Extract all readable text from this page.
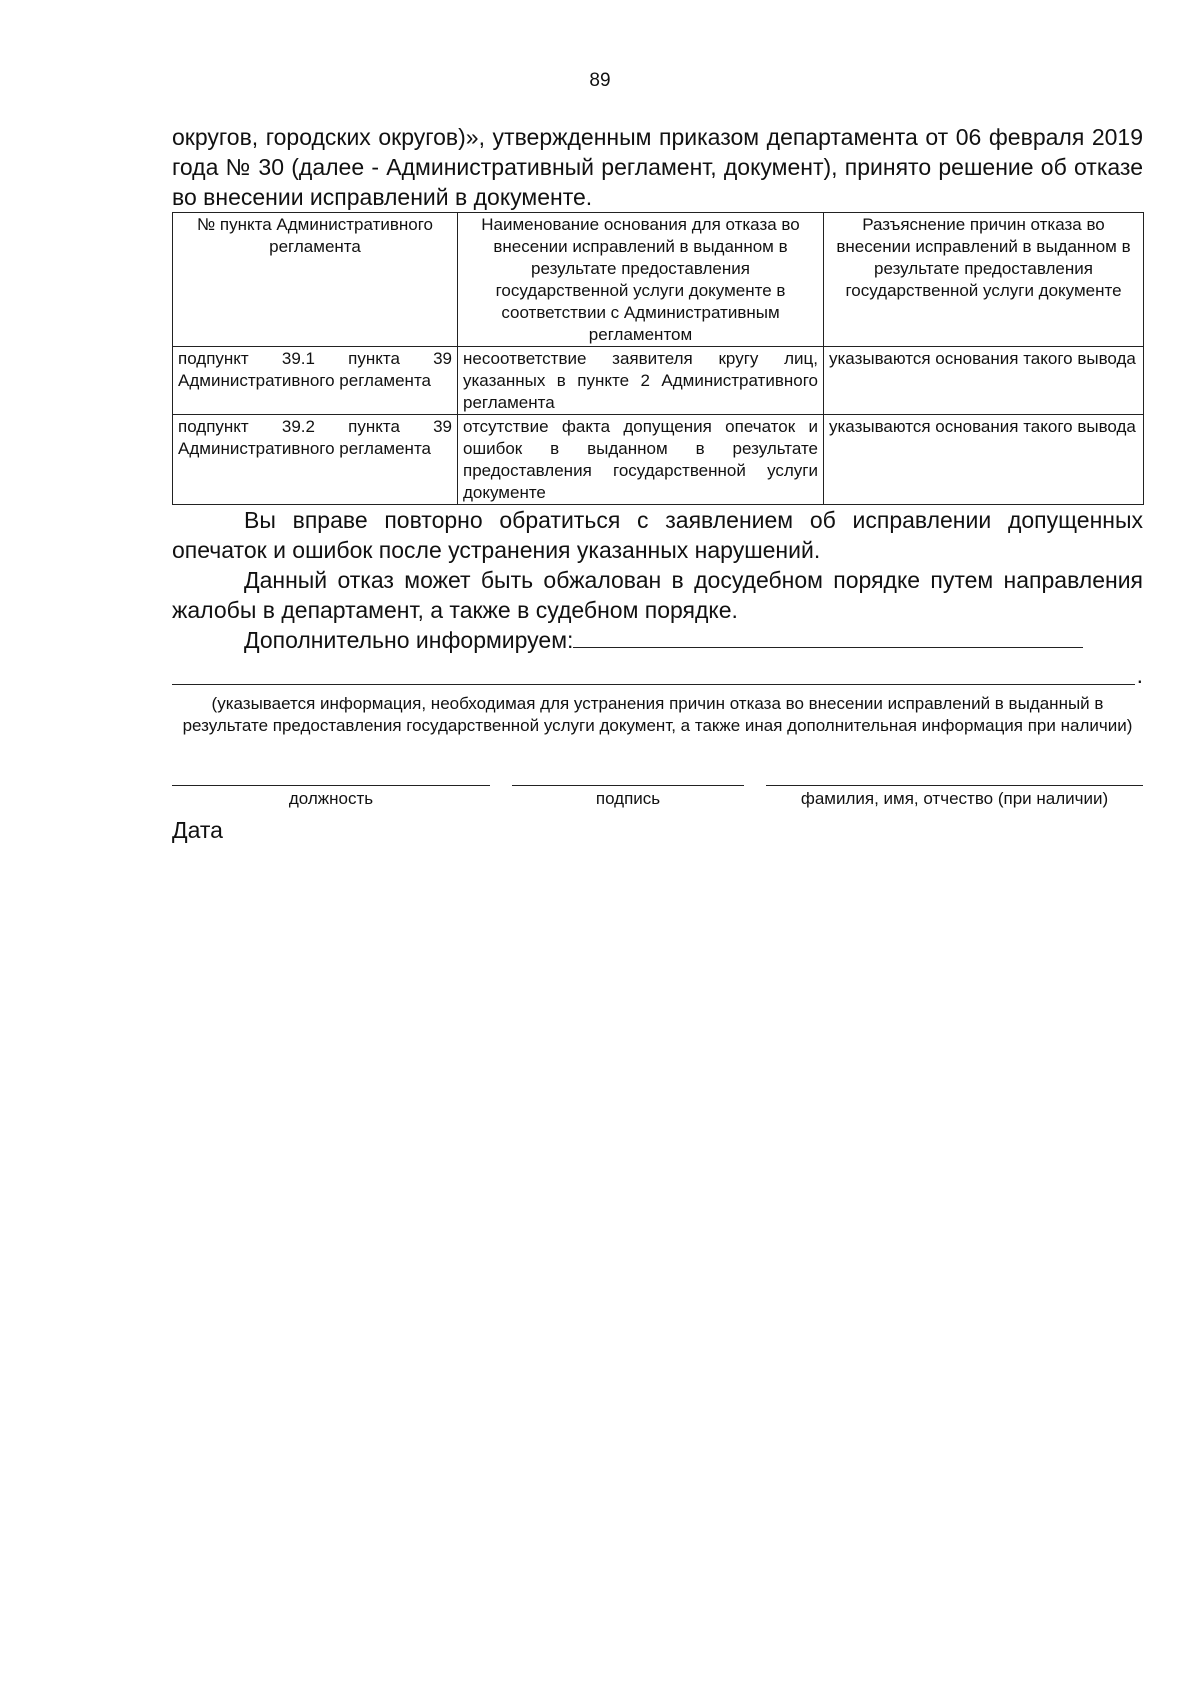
89

округов, городских округов)», утвержденным приказом департамента от 06 февраля 2019 года № 30 (далее - Административный регламент, документ), принято решение об отказе во внесении исправлений в документе.

№ пункта Административного регламента	Наименование основания для отказа во внесении исправлений в выданном в результате предоставления государственной услуги документе в соответствии с Административным регламентом	Разъяснение причин отказа во внесении исправлений в выданном в результате предоставления государственной услуги документе
подпункт 39.1 пункта 39 Административного регламента	несоответствие заявителя кругу лиц, указанных в пункте 2 Административного регламента	указываются основания такого вывода
подпункт 39.2 пункта 39 Административного регламента	отсутствие факта допущения опечаток и ошибок в выданном в результате предоставления государственной услуги документе	указываются основания такого вывода

Вы вправе повторно обратиться с заявлением об исправлении допущенных опечаток и ошибок после устранения указанных нарушений.

Данный отказ может быть обжалован в досудебном порядке путем направления жалобы в департамент, а также в судебном порядке.

Дополнительно информируем:

.
(указывается информация, необходимая для устранения причин отказа во внесении исправлений в выданный в результате предоставления государственной услуги документ, а также иная дополнительная информация при наличии)
должность	подпись	фамилия, имя, отчество (при наличии)
Дата
